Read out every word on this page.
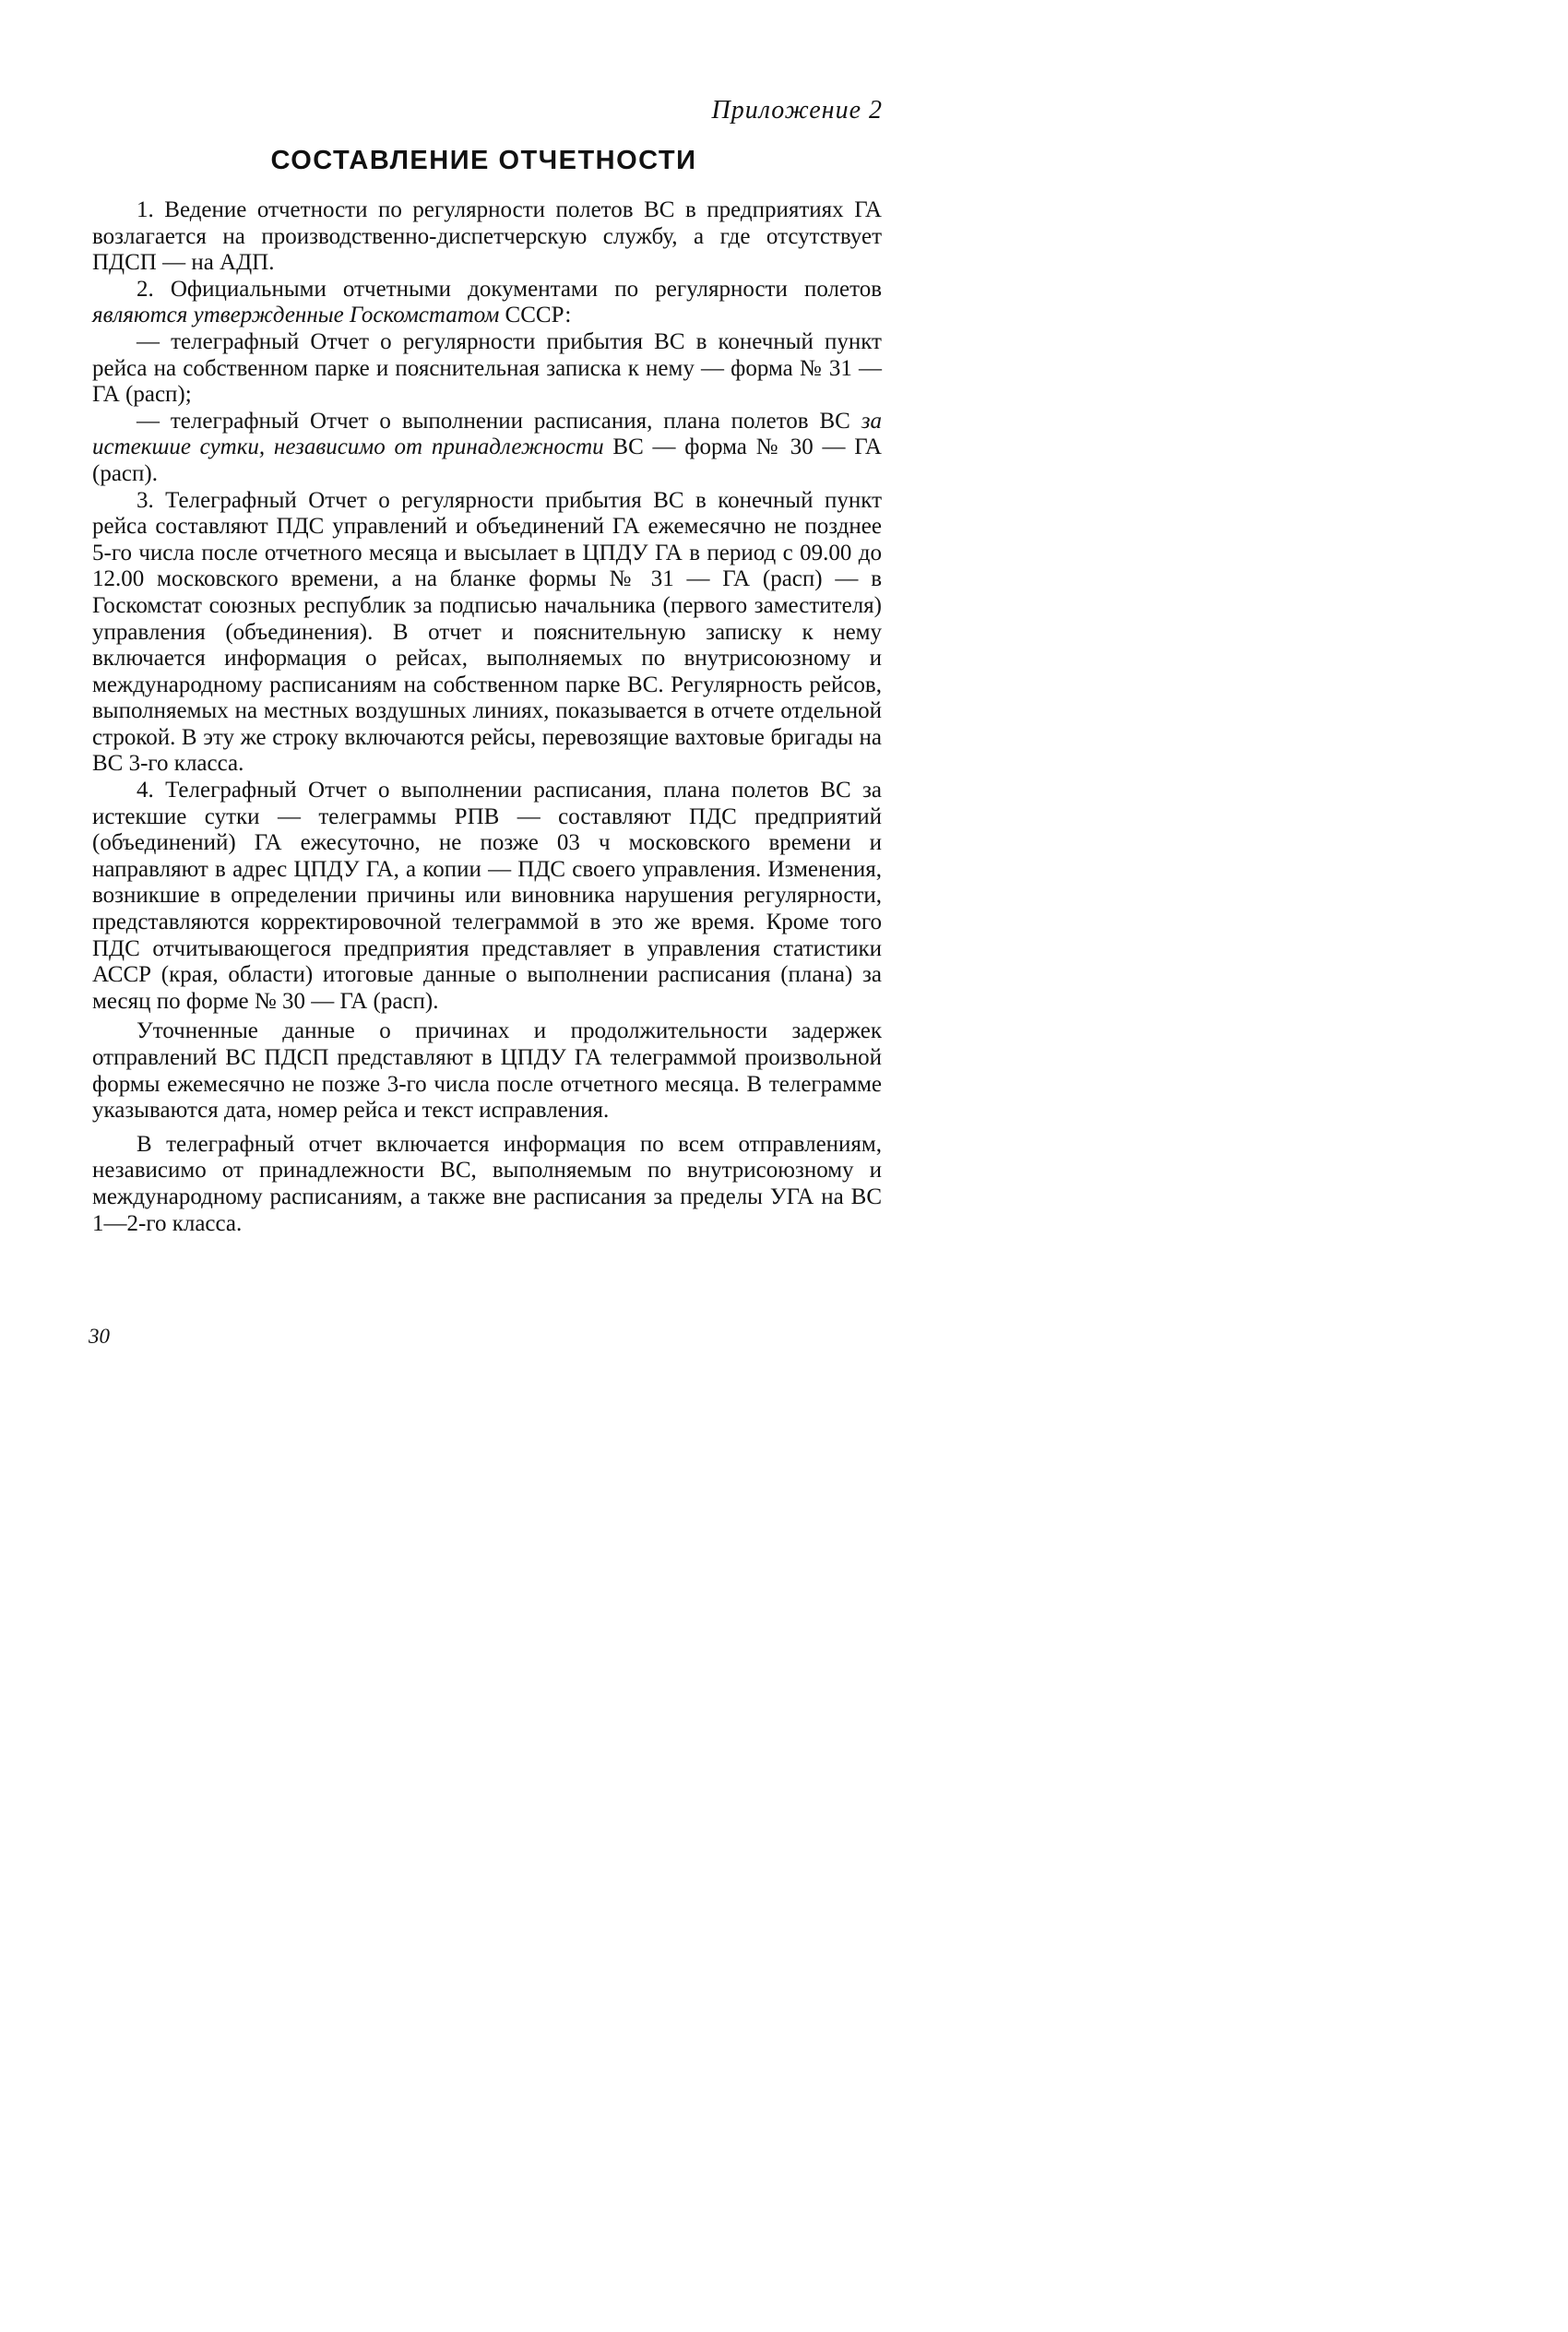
Приложение 2
СОСТАВЛЕНИЕ ОТЧЕТНОСТИ

1. Ведение отчетности по регулярности полетов ВС в предприятиях ГА возлагается на производственно-диспетчерскую службу, а где отсутствует ПДСП — на АДП.

2. Официальными отчетными документами по регулярности полетов являются утвержденные Госкомстатом СССР:

— телеграфный Отчет о регулярности прибытия ВС в конечный пункт рейса на собственном парке и пояснительная записка к нему — форма № 31 — ГА (расп);

— телеграфный Отчет о выполнении расписания, плана полетов ВС за истекшие сутки, независимо от принадлежности ВС — форма № 30 — ГА (расп).

3. Телеграфный Отчет о регулярности прибытия ВС в конечный пункт рейса составляют ПДС управлений и объединений ГА ежемесячно не позднее 5-го числа после отчетного месяца и высылает в ЦПДУ ГА в период с 09.00 до 12.00 московского времени, а на бланке формы № 31 — ГА (расп) — в Госкомстат союзных республик за подписью начальника (первого заместителя) управления (объединения). В отчет и пояснительную записку к нему включается информация о рейсах, выполняемых по внутрисоюзному и международному расписаниям на собственном парке ВС. Регулярность рейсов, выполняемых на местных воздушных линиях, показывается в отчете отдельной строкой. В эту же строку включаются рейсы, перевозящие вахтовые бригады на ВС 3-го класса.

4. Телеграфный Отчет о выполнении расписания, плана полетов ВС за истекшие сутки — телеграммы РПВ — составляют ПДС предприятий (объединений) ГА ежесуточно, не позже 03 ч московского времени и направляют в адрес ЦПДУ ГА, а копии — ПДС своего управления. Изменения, возникшие в определении причины или виновника нарушения регулярности, представляются корректировочной телеграммой в это же время. Кроме того ПДС отчитывающегося предприятия представляет в управления статистики АССР (края, области) итоговые данные о выполнении расписания (плана) за месяц по форме № 30 — ГА (расп).

Уточненные данные о причинах и продолжительности задержек отправлений ВС ПДСП представляют в ЦПДУ ГА телеграммой произвольной формы ежемесячно не позже 3-го числа после отчетного месяца. В телеграмме указываются дата, номер рейса и текст исправления.

В телеграфный отчет включается информация по всем отправлениям, независимо от принадлежности ВС, выполняемым по внутрисоюзному и международному расписаниям, а также вне расписания за пределы УГА на ВС 1—2-го класса.

30
